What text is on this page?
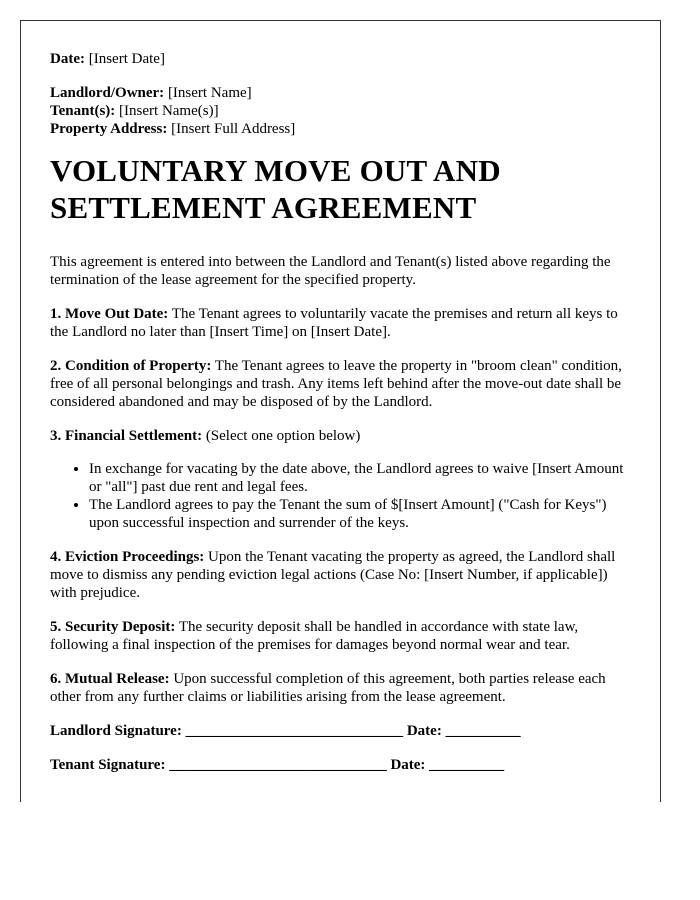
Date: [Insert Date]

Landlord/Owner: [Insert Name]

Tenant(s): [Insert Name(s)]

Property Address: [Insert Full Address]

VOLUNTARY MOVE OUT AND SETTLEMENT AGREEMENT

This agreement is entered into between the Landlord and Tenant(s) listed above regarding the termination of the lease agreement for the specified property.

1. Move Out Date: The Tenant agrees to voluntarily vacate the premises and return all keys to the Landlord no later than [Insert Time] on [Insert Date].

2. Condition of Property: The Tenant agrees to leave the property in "broom clean" condition, free of all personal belongings and trash. Any items left behind after the move-out date shall be considered abandoned and may be disposed of by the Landlord.

3. Financial Settlement: (Select one option below)

• In exchange for vacating by the date above, the Landlord agrees to waive [Insert Amount or "all"] past due rent and legal fees.
• The Landlord agrees to pay the Tenant the sum of $[Insert Amount] ("Cash for Keys") upon successful inspection and surrender of the keys.

4. Eviction Proceedings: Upon the Tenant vacating the property as agreed, the Landlord shall move to dismiss any pending eviction legal actions (Case No: [Insert Number, if applicable]) with prejudice.

5. Security Deposit: The security deposit shall be handled in accordance with state law, following a final inspection of the premises for damages beyond normal wear and tear.

6. Mutual Release: Upon successful completion of this agreement, both parties release each other from any further claims or liabilities arising from the lease agreement.

Landlord Signature: _____________________________ Date: __________

Tenant Signature: _____________________________ Date: __________
